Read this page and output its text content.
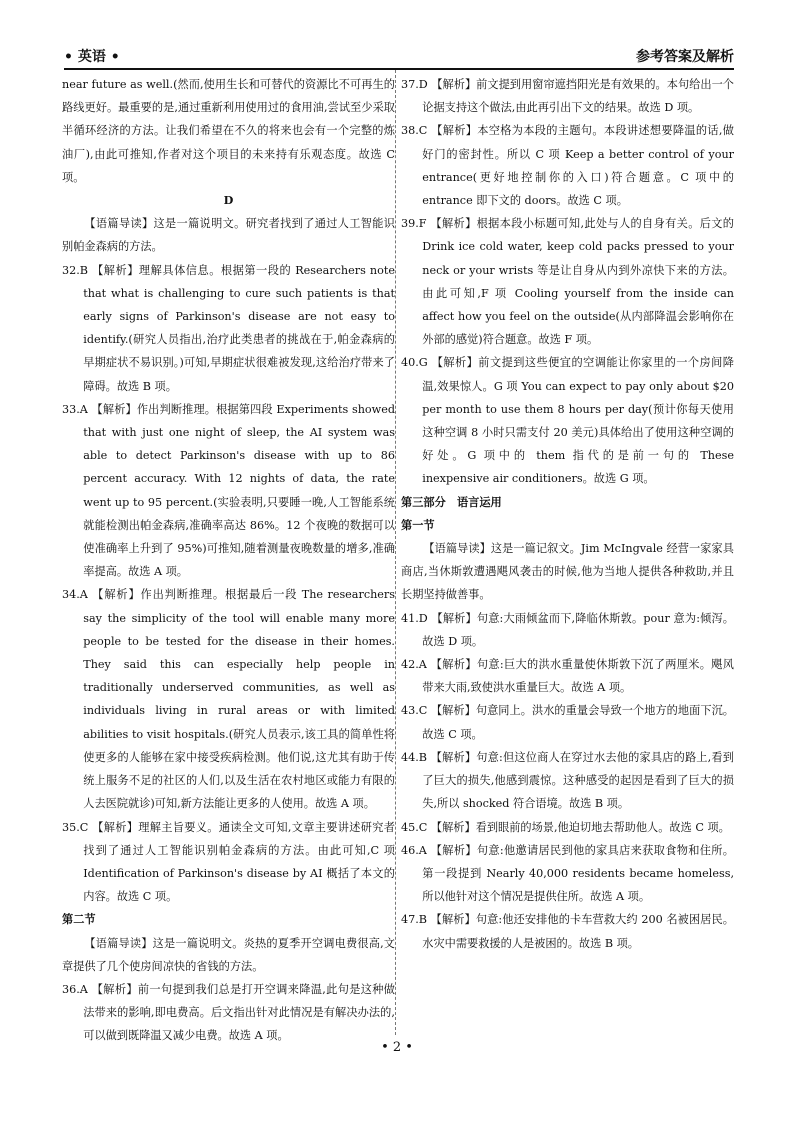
• 英语 •	参考答案及解析

near future as well.(然而,使用生长和可替代的资源比不可再生的路线更好。最重要的是,通过重新利用使用过的食用油,尝试至少采取半循环经济的方法。让我们希望在不久的将来也会有一个完整的炼油厂),由此可推知,作者对这个项目的未来持有乐观态度。故选 C 项。

D

【语篇导读】这是一篇说明文。研究者找到了通过人工智能识别帕金森病的方法。

32.B 【解析】理解具体信息。根据第一段的 Researchers note that what is challenging to cure such patients is that early signs of Parkinson's disease are not easy to identify.(研究人员指出,治疗此类患者的挑战在于,帕金森病的早期症状不易识别。)可知,早期症状很难被发现,这给治疗带来了障碍。故选 B 项。

33.A 【解析】作出判断推理。根据第四段 Experiments showed that with just one night of sleep, the AI system was able to detect Parkinson's disease with up to 86 percent accuracy. With 12 nights of data, the rate went up to 95 percent.(实验表明,只要睡一晚,人工智能系统就能检测出帕金森病,准确率高达 86%。12 个夜晚的数据可以使准确率上升到了 95%)可推知,随着测量夜晚数量的增多,准确率提高。故选 A 项。

34.A 【解析】作出判断推理。根据最后一段 The researchers say the simplicity of the tool will enable many more people to be tested for the disease in their homes. They said this can especially help people in traditionally underserved communities, as well as individuals living in rural areas or with limited abilities to visit hospitals.(研究人员表示,该工具的简单性将使更多的人能够在家中接受疾病检测。他们说,这尤其有助于传统上服务不足的社区的人们,以及生活在农村地区或能力有限的人去医院就诊)可知,新方法能让更多的人使用。故选 A 项。

35.C 【解析】理解主旨要义。通读全文可知,文章主要讲述研究者找到了通过人工智能识别帕金森病的方法。由此可知,C 项 Identification of Parkinson's disease by AI 概括了本文的内容。故选 C 项。

第二节

【语篇导读】这是一篇说明文。炎热的夏季开空调电费很高,文章提供了几个使房间凉快的省钱的方法。

36.A 【解析】前一句提到我们总是打开空调来降温,此句是这种做法带来的影响,即电费高。后文指出针对此情况是有解决办法的,可以做到既降温又减少电费。故选 A 项。

37.D 【解析】前文提到用窗帘遮挡阳光是有效果的。本句给出一个论据支持这个做法,由此再引出下文的结果。故选 D 项。

38.C 【解析】本空格为本段的主题句。本段讲述想要降温的话,做好门的密封性。所以 C 项 Keep a better control of your entrance(更好地控制你的入口)符合题意。C 项中的 entrance 即下文的 doors。故选 C 项。

39.F 【解析】根据本段小标题可知,此处与人的自身有关。后文的 Drink ice cold water, keep cold packs pressed to your neck or your wrists 等是让自身从内到外凉快下来的方法。由此可知,F 项 Cooling yourself from the inside can affect how you feel on the outside(从内部降温会影响你在外部的感觉)符合题意。故选 F 项。

40.G 【解析】前文提到这些便宜的空调能让你家里的一个房间降温,效果惊人。G 项 You can expect to pay only about $20 per month to use them 8 hours per day(预计你每天使用这种空调 8 小时只需支付 20 美元)具体给出了使用这种空调的好处。G 项中的 them 指代的是前一句的 These inexpensive air conditioners。故选 G 项。

第三部分　语言运用

第一节

【语篇导读】这是一篇记叙文。Jim McIngvale 经营一家家具商店,当休斯敦遭遇飓风袭击的时候,他为当地人提供各种救助,并且长期坚持做善事。

41.D 【解析】句意:大雨倾盆而下,降临休斯敦。pour 意为:倾泻。故选 D 项。

42.A 【解析】句意:巨大的洪水重量使休斯敦下沉了两厘米。飓风带来大雨,致使洪水重量巨大。故选 A 项。

43.C 【解析】句意同上。洪水的重量会导致一个地方的地面下沉。故选 C 项。

44.B 【解析】句意:但这位商人在穿过水去他的家具店的路上,看到了巨大的损失,他感到震惊。这种感受的起因是看到了巨大的损失,所以 shocked 符合语境。故选 B 项。

45.C 【解析】看到眼前的场景,他迫切地去帮助他人。故选 C 项。

46.A 【解析】句意:他邀请居民到他的家具店来获取食物和住所。第一段提到 Nearly 40,000 residents became homeless,所以他针对这个情况是提供住所。故选 A 项。

47.B 【解析】句意:他还安排他的卡车营救大约 200 名被困居民。水灾中需要救援的人是被困的。故选 B 项。

• 2 •
